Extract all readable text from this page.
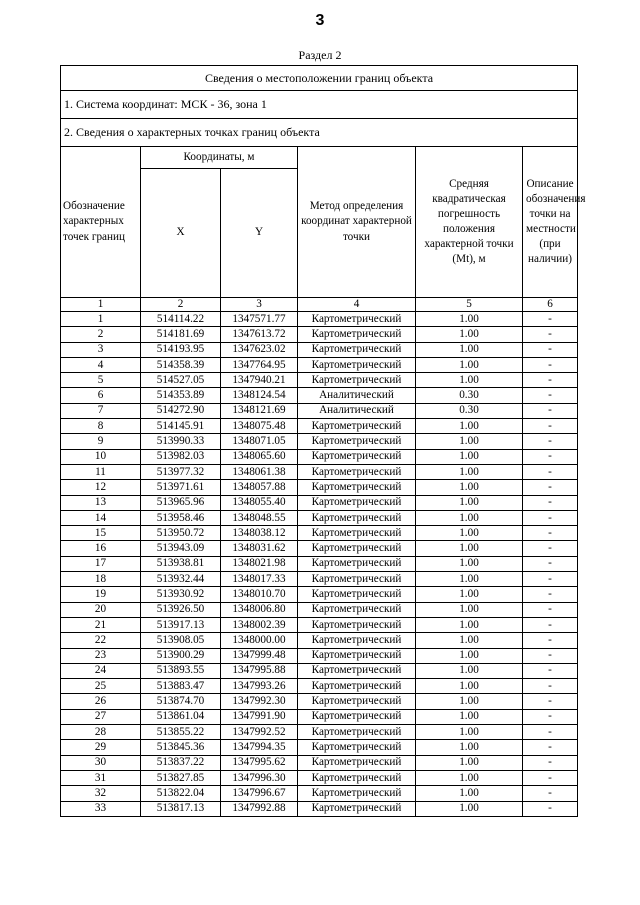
3
Раздел 2
Сведения о местоположении границ объекта					
1. Система координат: МСК - 36, зона 1					
2. Сведения о характерных точках границ объекта					
Обозначение характерных точек границ	Координаты, м		Метод определения координат характерной точки	Средняя квадратическая погрешность положения характерной точки (Mt), м	Описание обозначения точки на местности (при наличии)
	X	Y			
1	2	3	4	5	6
1	514114.22	1347571.77	Картометрический	1.00	-
2	514181.69	1347613.72	Картометрический	1.00	-
3	514193.95	1347623.02	Картометрический	1.00	-
4	514358.39	1347764.95	Картометрический	1.00	-
5	514527.05	1347940.21	Картометрический	1.00	-
6	514353.89	1348124.54	Аналитический	0.30	-
7	514272.90	1348121.69	Аналитический	0.30	-
8	514145.91	1348075.48	Картометрический	1.00	-
9	513990.33	1348071.05	Картометрический	1.00	-
10	513982.03	1348065.60	Картометрический	1.00	-
11	513977.32	1348061.38	Картометрический	1.00	-
12	513971.61	1348057.88	Картометрический	1.00	-
13	513965.96	1348055.40	Картометрический	1.00	-
14	513958.46	1348048.55	Картометрический	1.00	-
15	513950.72	1348038.12	Картометрический	1.00	-
16	513943.09	1348031.62	Картометрический	1.00	-
17	513938.81	1348021.98	Картометрический	1.00	-
18	513932.44	1348017.33	Картометрический	1.00	-
19	513930.92	1348010.70	Картометрический	1.00	-
20	513926.50	1348006.80	Картометрический	1.00	-
21	513917.13	1348002.39	Картометрический	1.00	-
22	513908.05	1348000.00	Картометрический	1.00	-
23	513900.29	1347999.48	Картометрический	1.00	-
24	513893.55	1347995.88	Картометрический	1.00	-
25	513883.47	1347993.26	Картометрический	1.00	-
26	513874.70	1347992.30	Картометрический	1.00	-
27	513861.04	1347991.90	Картометрический	1.00	-
28	513855.22	1347992.52	Картометрический	1.00	-
29	513845.36	1347994.35	Картометрический	1.00	-
30	513837.22	1347995.62	Картометрический	1.00	-
31	513827.85	1347996.30	Картометрический	1.00	-
32	513822.04	1347996.67	Картометрический	1.00	-
33	513817.13	1347992.88	Картометрический	1.00	-
